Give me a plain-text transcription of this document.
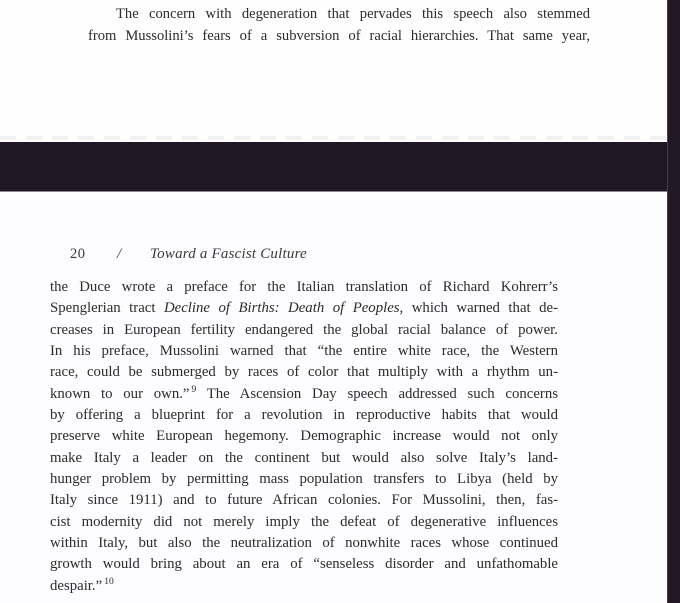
The concern with degeneration that pervades this speech also stemmed
from Mussolini’s fears of a subversion of racial hierarchies. That same year,
20 / Toward a Fascist Culture
the Duce wrote a preface for the Italian translation of Richard Kohrerr’s
Spenglerian tract Decline of Births: Death of Peoples, which warned that de-
creases in European fertility endangered the global racial balance of power.
In his preface, Mussolini warned that “the entire white race, the Western
race, could be submerged by races of color that multiply with a rhythm un-
known to our own.” $^9$ The Ascension Day speech addressed such concerns
by offering a blueprint for a revolution in reproductive habits that would
preserve white European hegemony. Demographic increase would not only
make Italy a leader on the continent but would also solve Italy’s land-
hunger problem by permitting mass population transfers to Libya (held by
Italy since 1911) and to future African colonies. For Mussolini, then, fas-
cist modernity did not merely imply the defeat of degenerative influences
within Italy, but also the neutralization of nonwhite races whose continued
growth would bring about an era of “senseless disorder and unfathomable
despair.” $^{10}$
